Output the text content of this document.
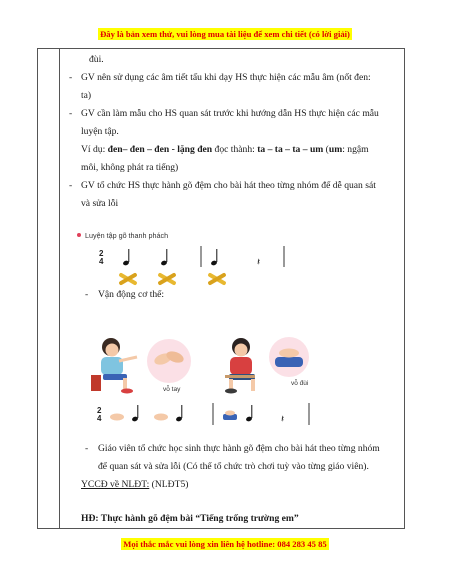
Đây là bản xem thử, vui lòng mua tài liệu để xem chi tiết (có lời giải)
đùi.
- GV nên sử dụng các âm tiết tấu khi dạy HS thực hiện các mẫu âm (nốt đen:
ta)
- GV cần làm mẫu cho HS quan sát trước khi hướng dẫn HS thực hiện các mẫu
luyện tập.
Ví dụ: đen– đen – đen - lặng đen đọc thành: ta – ta – ta – um (um: ngậm
môi, không phát ra tiếng)
- GV tổ chức HS thực hành gõ đệm cho bài hát theo từng nhóm để dễ quan sát
và sửa lỗi
Luyện tập gõ thanh phách
2
4	𝄽
- Vận động cơ thể:
vỗ tay
vỗ đùi
2
4	𝄽
- Giáo viên tổ chức học sinh thực hành gõ đệm cho bài hát theo từng nhóm
để quan sát và sửa lỗi (Có thể tổ chức trò chơi tuỳ vào từng giáo viên).
YCCĐ về NLĐT: (NLĐT5)
HĐ: Thực hành gõ đệm bài “Tiếng trống trường em”
Mọi thắc mắc vui lòng xin liên hệ hotline: 084 283 45 85
